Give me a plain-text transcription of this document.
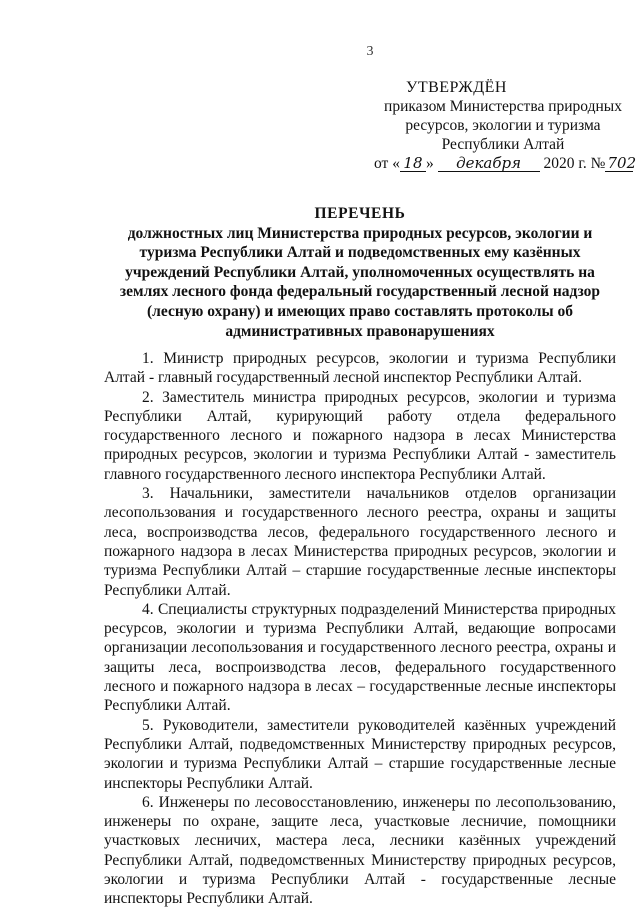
3
УТВЕРЖДЁН
приказом Министерства природных
ресурсов, экологии и туризма
Республики Алтай
от « 18 » декабря 2020 г. № 702
ПЕРЕЧЕНЬ
должностных лиц Министерства природных ресурсов, экологии и туризма Республики Алтай и подведомственных ему казённых учреждений Республики Алтай, уполномоченных осуществлять на землях лесного фонда федеральный государственный лесной надзор (лесную охрану) и имеющих право составлять протоколы об административных правонарушениях

1. Министр природных ресурсов, экологии и туризма Республики Алтай - главный государственный лесной инспектор Республики Алтай.

2. Заместитель министра природных ресурсов, экологии и туризма Республики Алтай, курирующий работу отдела федерального государственного лесного и пожарного надзора в лесах Министерства природных ресурсов, экологии и туризма Республики Алтай - заместитель главного государственного лесного инспектора Республики Алтай.

3. Начальники, заместители начальников отделов организации лесопользования и государственного лесного реестра, охраны и защиты леса, воспроизводства лесов, федерального государственного лесного и пожарного надзора в лесах Министерства природных ресурсов, экологии и туризма Республики Алтай – старшие государственные лесные инспекторы Республики Алтай.

4. Специалисты структурных подразделений Министерства природных ресурсов, экологии и туризма Республики Алтай, ведающие вопросами организации лесопользования и государственного лесного реестра, охраны и защиты леса, воспроизводства лесов, федерального государственного лесного и пожарного надзора в лесах – государственные лесные инспекторы Республики Алтай.

5. Руководители, заместители руководителей казённых учреждений Республики Алтай, подведомственных Министерству природных ресурсов, экологии и туризма Республики Алтай – старшие государственные лесные инспекторы Республики Алтай.

6. Инженеры по лесовосстановлению, инженеры по лесопользованию, инженеры по охране, защите леса, участковые лесничие, помощники участковых лесничих, мастера леса, лесники казённых учреждений Республики Алтай, подведомственных Министерству природных ресурсов, экологии и туризма Республики Алтай - государственные лесные инспекторы Республики Алтай.
